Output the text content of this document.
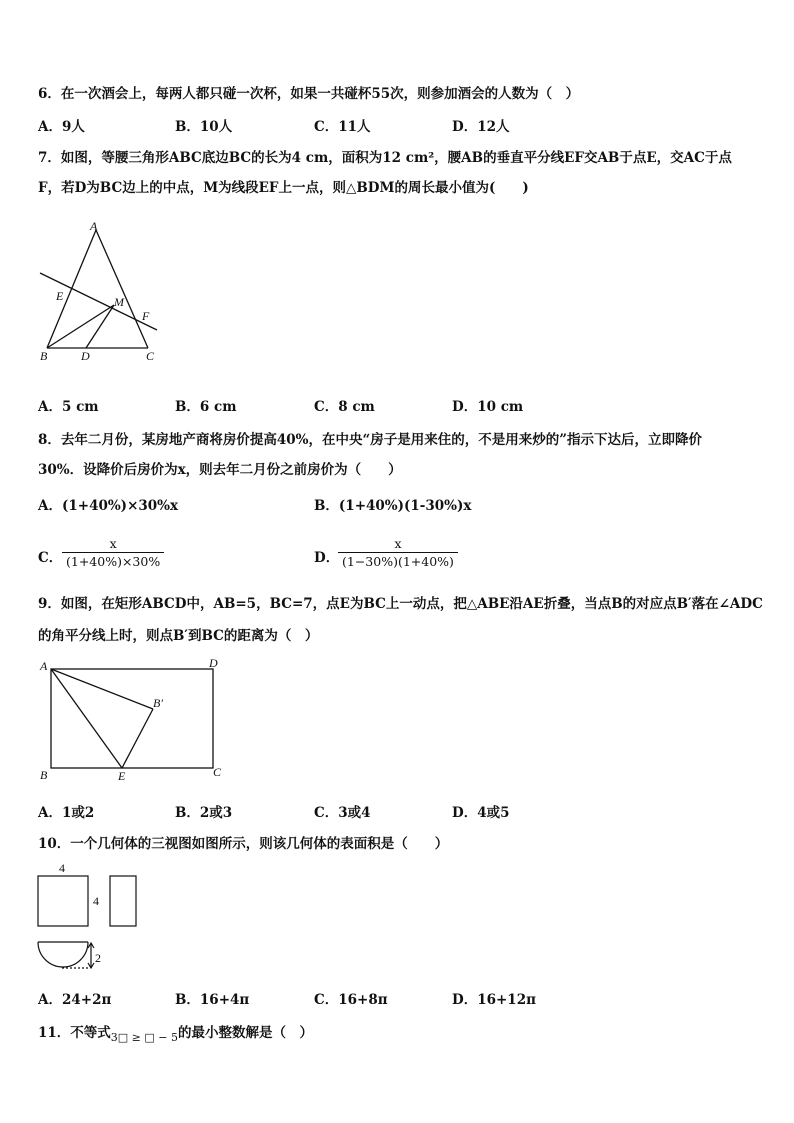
6．在一次酒会上，每两人都只碰一次杯，如果一共碰杯55次，则参加酒会的人数为（　）
A．9人	B．10人	C．11人	D．12人
7．如图，等腰三角形ABC底边BC的长为4 cm，面积为12 cm²，腰AB的垂直平分线EF交AB于点E，交AC于点
F，若D为BC边上的中点，M为线段EF上一点，则△BDM的周长最小值为(　　)
A
B	C
D
E
F
M
A．5 cm	B．6 cm	C．8 cm	D．10 cm
8．去年二月份，某房地产商将房价提高40%，在中央“房子是用来住的，不是用来炒的”指示下达后，立即降价
30%．设降价后房价为x，则去年二月份之前房价为（　　）
A．(1+40%)×30%x	B．(1+40%)(1-30%)x
C．
x
(1+40%)×30%	D．
x
(1−30%)(1+40%)
9．如图，在矩形ABCD中，AB=5，BC=7，点E为BC上一动点，把△ABE沿AE折叠，当点B的对应点B′落在∠ADC
的角平分线上时，则点B′到BC的距离为（　）
A	D
B	C
E
B′
A．1或2	B．2或3	C．3或4	D．4或5
10．一个几何体的三视图如图所示，则该几何体的表面积是（　　）
4
4
2
A．24+2π	B．16+4π	C．16+8π	D．16+12π
11．不等式$_{3□ \ge □ - 5}$的最小整数解是（　）
